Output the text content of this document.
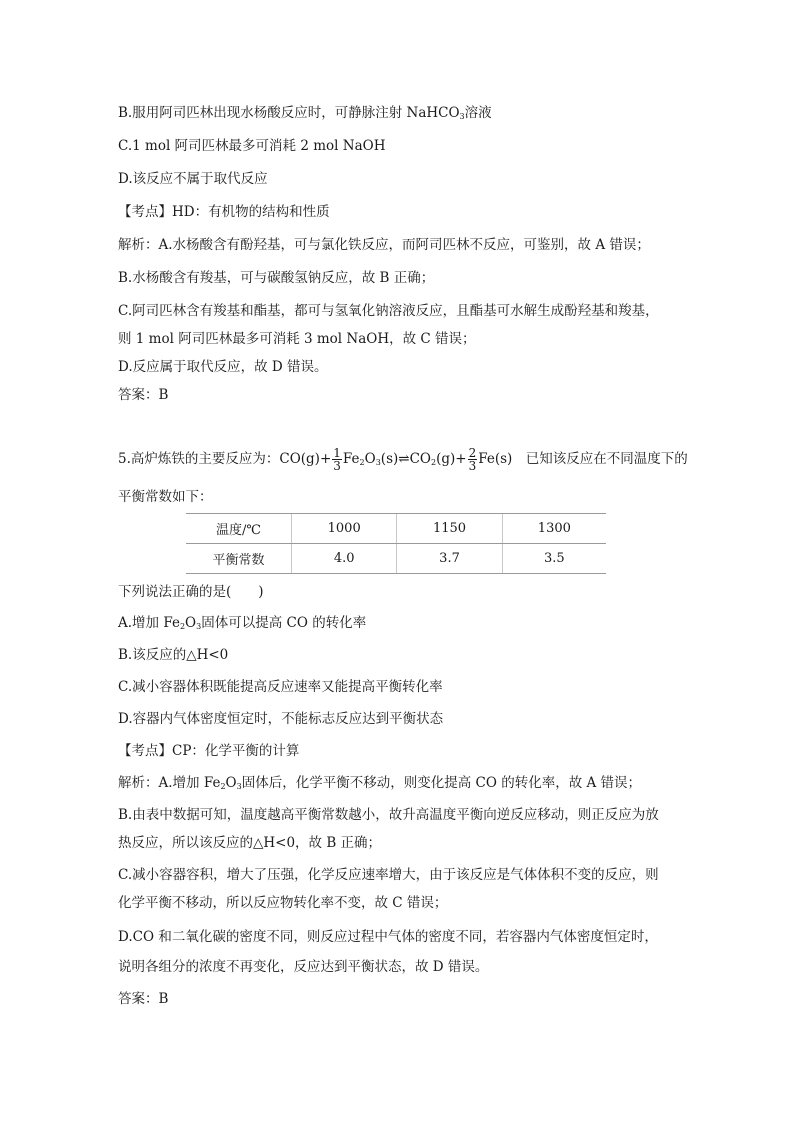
B.服用阿司匹林出现水杨酸反应时，可静脉注射 NaHCO$_3$溶液

C.1 mol 阿司匹林最多可消耗 2 mol NaOH

D.该反应不属于取代反应

【考点】HD：有机物的结构和性质

解析：A.水杨酸含有酚羟基，可与氯化铁反应，而阿司匹林不反应，可鉴别，故 A 错误；

B.水杨酸含有羧基，可与碳酸氢钠反应，故 B 正确；

C.阿司匹林含有羧基和酯基，都可与氢氧化钠溶液反应，且酯基可水解生成酚羟基和羧基，

则 1 mol 阿司匹林最多可消耗 3 mol NaOH，故 C 错误；

D.反应属于取代反应，故 D 错误。

答案：B

5.高炉炼铁的主要反应为：$CO(g)+ \frac{1}{3}$ $Fe_2O_3(s)\rightleftharpoons CO_2(g)+ \frac{2}{3} Fe(s)$　已知该反应在不同温度下的

平衡常数如下：

温度/℃	1000	1150	1300
平衡常数	4.0	3.7	3.5

下列说法正确的是(　　)

A.增加 $Fe_2O_3$固体可以提高 CO 的转化率

B.该反应的△H<0

C.减小容器体积既能提高反应速率又能提高平衡转化率

D.容器内气体密度恒定时，不能标志反应达到平衡状态

【考点】CP：化学平衡的计算

解析：A.增加 $Fe_2O_3$固体后，化学平衡不移动，则变化提高 CO 的转化率，故 A 错误；

B.由表中数据可知，温度越高平衡常数越小，故升高温度平衡向逆反应移动，则正反应为放

热反应，所以该反应的△H<0，故 B 正确；

C.减小容器容积，增大了压强，化学反应速率增大，由于该反应是气体体积不变的反应，则

化学平衡不移动，所以反应物转化率不变，故 C 错误；

D.CO 和二氧化碳的密度不同，则反应过程中气体的密度不同，若容器内气体密度恒定时，

说明各组分的浓度不再变化，反应达到平衡状态，故 D 错误。

答案：B
